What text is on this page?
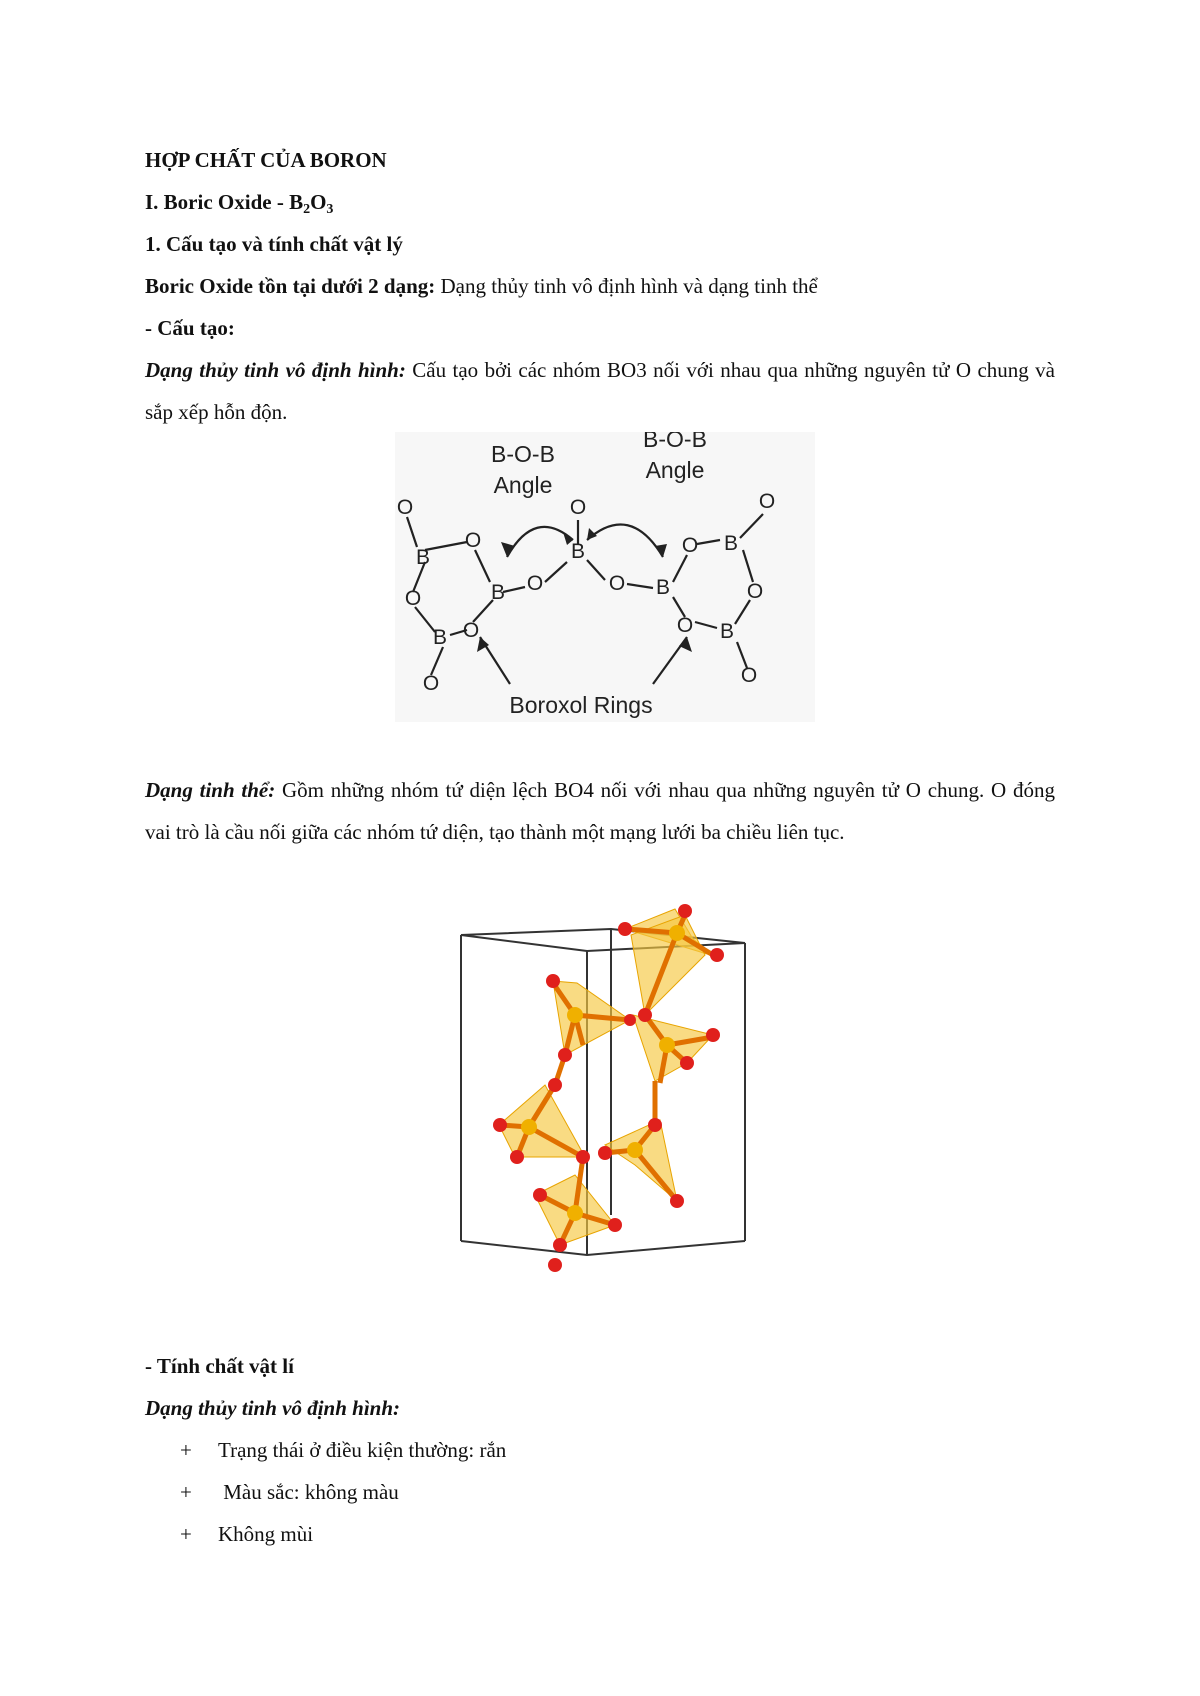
HỢP CHẤT CỦA BORON
I. Boric Oxide - $B_2O_3$
1. Cấu tạo và tính chất vật lý
Boric Oxide tồn tại dưới 2 dạng: Dạng thủy tinh vô định hình và dạng tinh thể
- Cấu tạo:
Dạng thủy tinh vô định hình: Cấu tạo bởi các nhóm BO3 nối với nhau qua những nguyên tử O chung và sắp xếp hỗn độn.
O
B
O
O
B
B
O
O
O
O
B
O B
O B
O
O
O B
O
B-O-B
Angle
B-O-B
Angle
Boroxol Rings
Dạng tinh thể: Gồm những nhóm tứ diện lệch BO4 nối với nhau qua những nguyên tử O chung. O đóng vai trò là cầu nối giữa các nhóm tứ diện, tạo thành một mạng lưới ba chiều liên tục.
- Tính chất vật lí
Dạng thủy tinh vô định hình:
+ Trạng thái ở điều kiện thường: rắn
+ Màu sắc: không màu
+ Không mùi
